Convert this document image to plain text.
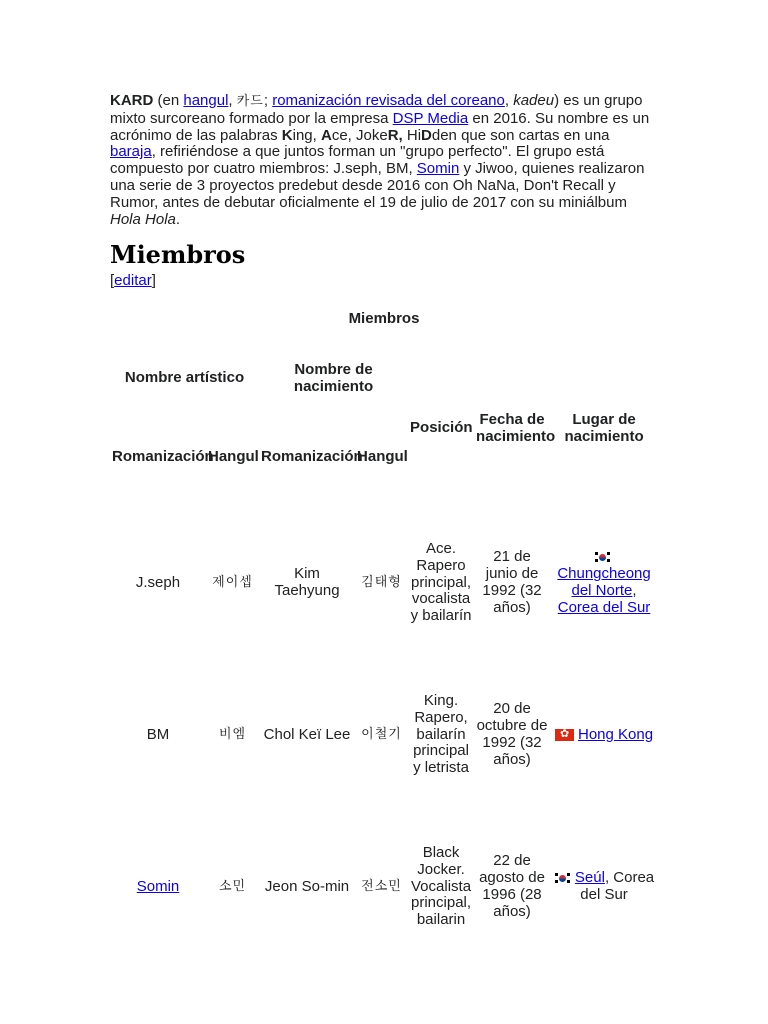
KARD (en hangul, 카드; romanización revisada del coreano, kadeu) es un grupo mixto surcoreano formado por la empresa DSP Media en 2016. Su nombre es un acrónimo de las palabras King, Ace, JokeR, HiDden que son cartas en una baraja, refiriéndose a que juntos forman un "grupo perfecto". El grupo está compuesto por cuatro miembros: J.seph, BM, Somin y Jiwoo, quienes realizaron una serie de 3 proyectos predebut desde 2016 con Oh NaNa, Don't Recall y Rumor, antes de debutar oficialmente el 19 de julio de 2017 con su miniálbum Hola Hola.
Miembros
[editar]
Miembros
Nombre artístico		Nombre de nacimiento		Posición	Fecha de nacimiento	Lugar de nacimiento
Romanización	Hangul	Romanización	Hangul			
J.seph	제이셉	Kim Taehyung	김태형	Ace. Rapero principal, vocalista y bailarín	21 de junio de 1992 (32 años)	Chungcheong del Norte, Corea del Sur
BM	비엠	Chol Keï Lee	이철기	King. Rapero, bailarín principal y letrista	20 de octubre de 1992 (32 años)	✿Hong Kong
Somin	소민	Jeon So-min	전소민	Black Jocker. Vocalista principal, bailarin	22 de agosto de 1996 (28 años)	Seúl, Corea del Sur
